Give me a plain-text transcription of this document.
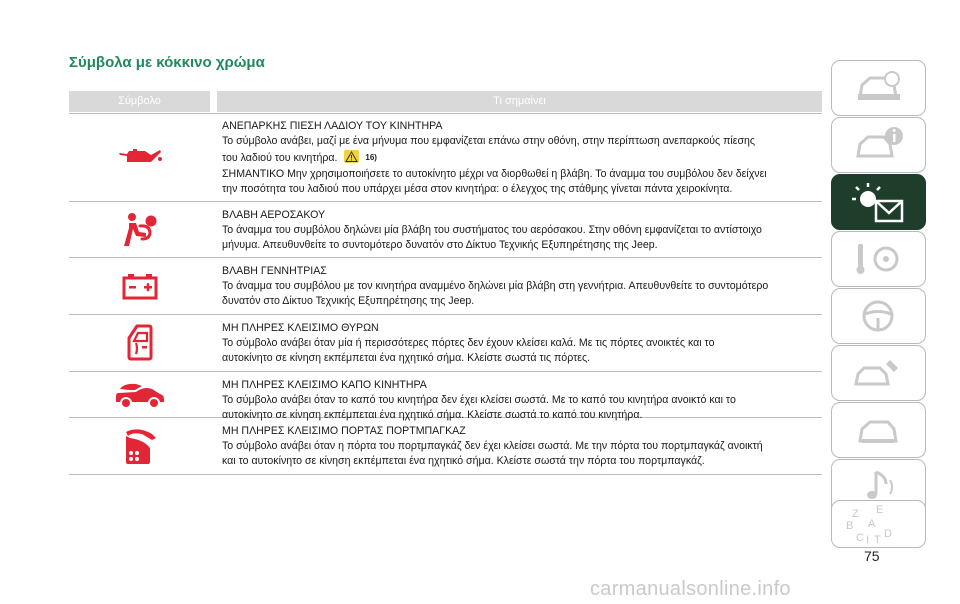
Σύμβολα με κόκκινο χρώμα
Σύμβολο	Τι σημαίνει
ΑΝΕΠΑΡΚΗΣ ΠΙΕΣΗ ΛΑΔΙΟΥ ΤΟΥ ΚΙΝΗΤΗΡΑ
Το σύμβολο ανάβει, μαζί με ένα μήνυμα που εμφανίζεται επάνω στην οθόνη, στην περίπτωση ανεπαρκούς πίεσης
του λαδιού του κινητήρα.	16)
ΣΗΜΑΝΤΙΚΟ Μην χρησιμοποιήσετε το αυτοκίνητο μέχρι να διορθωθεί η βλάβη. Το άναμμα του συμβόλου δεν δείχνει
την ποσότητα του λαδιού που υπάρχει μέσα στον κινητήρα: ο έλεγχος της στάθμης γίνεται πάντα χειροκίνητα.
ΒΛΑΒΗ ΑΕΡΟΣΑΚΟΥ
Το άναμμα του συμβόλου δηλώνει μία βλάβη του συστήματος του αερόσακου. Στην οθόνη εμφανίζεται το αντίστοιχο
μήνυμα. Απευθυνθείτε το συντομότερο δυνατόν στο Δίκτυο Τεχνικής Εξυπηρέτησης της Jeep.
ΒΛΑΒΗ ΓΕΝΝΗΤΡΙΑΣ
Το άναμμα του συμβόλου με τον κινητήρα αναμμένο δηλώνει μία βλάβη στη γεννήτρια. Απευθυνθείτε το συντομότερο
δυνατόν στο Δίκτυο Τεχνικής Εξυπηρέτησης της Jeep.
ΜΗ ΠΛΗΡΕΣ ΚΛΕΙΣΙΜΟ ΘΥΡΩΝ
Το σύμβολο ανάβει όταν μία ή περισσότερες πόρτες δεν έχουν κλείσει καλά. Με τις πόρτες ανοικτές και το
αυτοκίνητο σε κίνηση εκπέμπεται ένα ηχητικό σήμα. Κλείστε σωστά τις πόρτες.
ΜΗ ΠΛΗΡΕΣ ΚΛΕΙΣΙΜΟ ΚΑΠΟ ΚΙΝΗΤΗΡΑ
Το σύμβολο ανάβει όταν το καπό του κινητήρα δεν έχει κλείσει σωστά. Με το καπό του κινητήρα ανοικτό και το
αυτοκίνητο σε κίνηση εκπέμπεται ένα ηχητικό σήμα. Κλείστε σωστά το καπό του κινητήρα.
ΜΗ ΠΛΗΡΕΣ ΚΛΕΙΣΙΜΟ ΠΟΡΤΑΣ ΠΟΡΤΜΠΑΓΚΑΖ
Το σύμβολο ανάβει όταν η πόρτα του πορτμπαγκάζ δεν έχει κλείσει σωστά. Με την πόρτα του πορτμπαγκάζ ανοικτή
και το αυτοκίνητο σε κίνηση εκπέμπεται ένα ηχητικό σήμα. Κλείστε σωστά την πόρτα του πορτμπαγκάζ.
Z E
B A
C D
T
I
75
carmanualsonline.info
